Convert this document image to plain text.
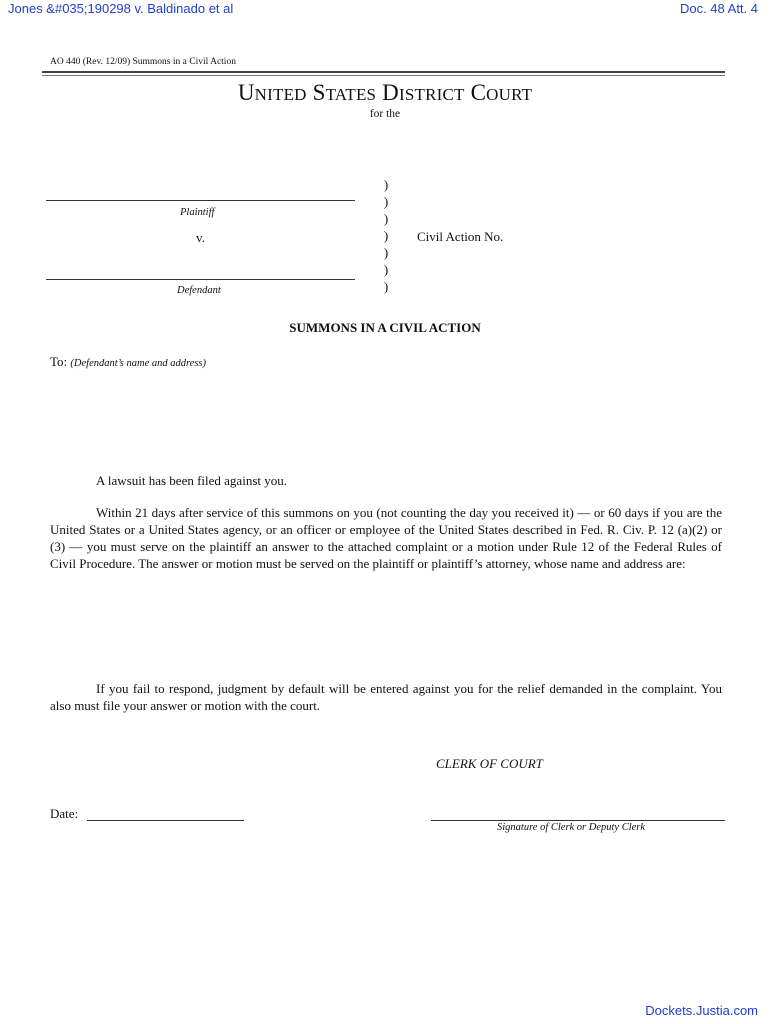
Jones &#035;190298 v. Baldinado et al	Doc. 48 Att. 4
AO 440 (Rev. 12/09) Summons in a Civil Action
UNITED STATES DISTRICT COURT
for the
Plaintiff
v.
Defendant
)
)
)
)
)
)
)
Civil Action No.
SUMMONS IN A CIVIL ACTION
To: (Defendant’s name and address)
A lawsuit has been filed against you.
Within 21 days after service of this summons on you (not counting the day you received it) — or 60 days if you are the United States or a United States agency, or an officer or employee of the United States described in Fed. R. Civ. P. 12 (a)(2) or (3) — you must serve on the plaintiff an answer to the attached complaint or a motion under Rule 12 of the Federal Rules of Civil Procedure. The answer or motion must be served on the plaintiff or plaintiff’s attorney, whose name and address are:
If you fail to respond, judgment by default will be entered against you for the relief demanded in the complaint. You also must file your answer or motion with the court.
CLERK OF COURT
Date:
Signature of Clerk or Deputy Clerk
Dockets.Justia.com
